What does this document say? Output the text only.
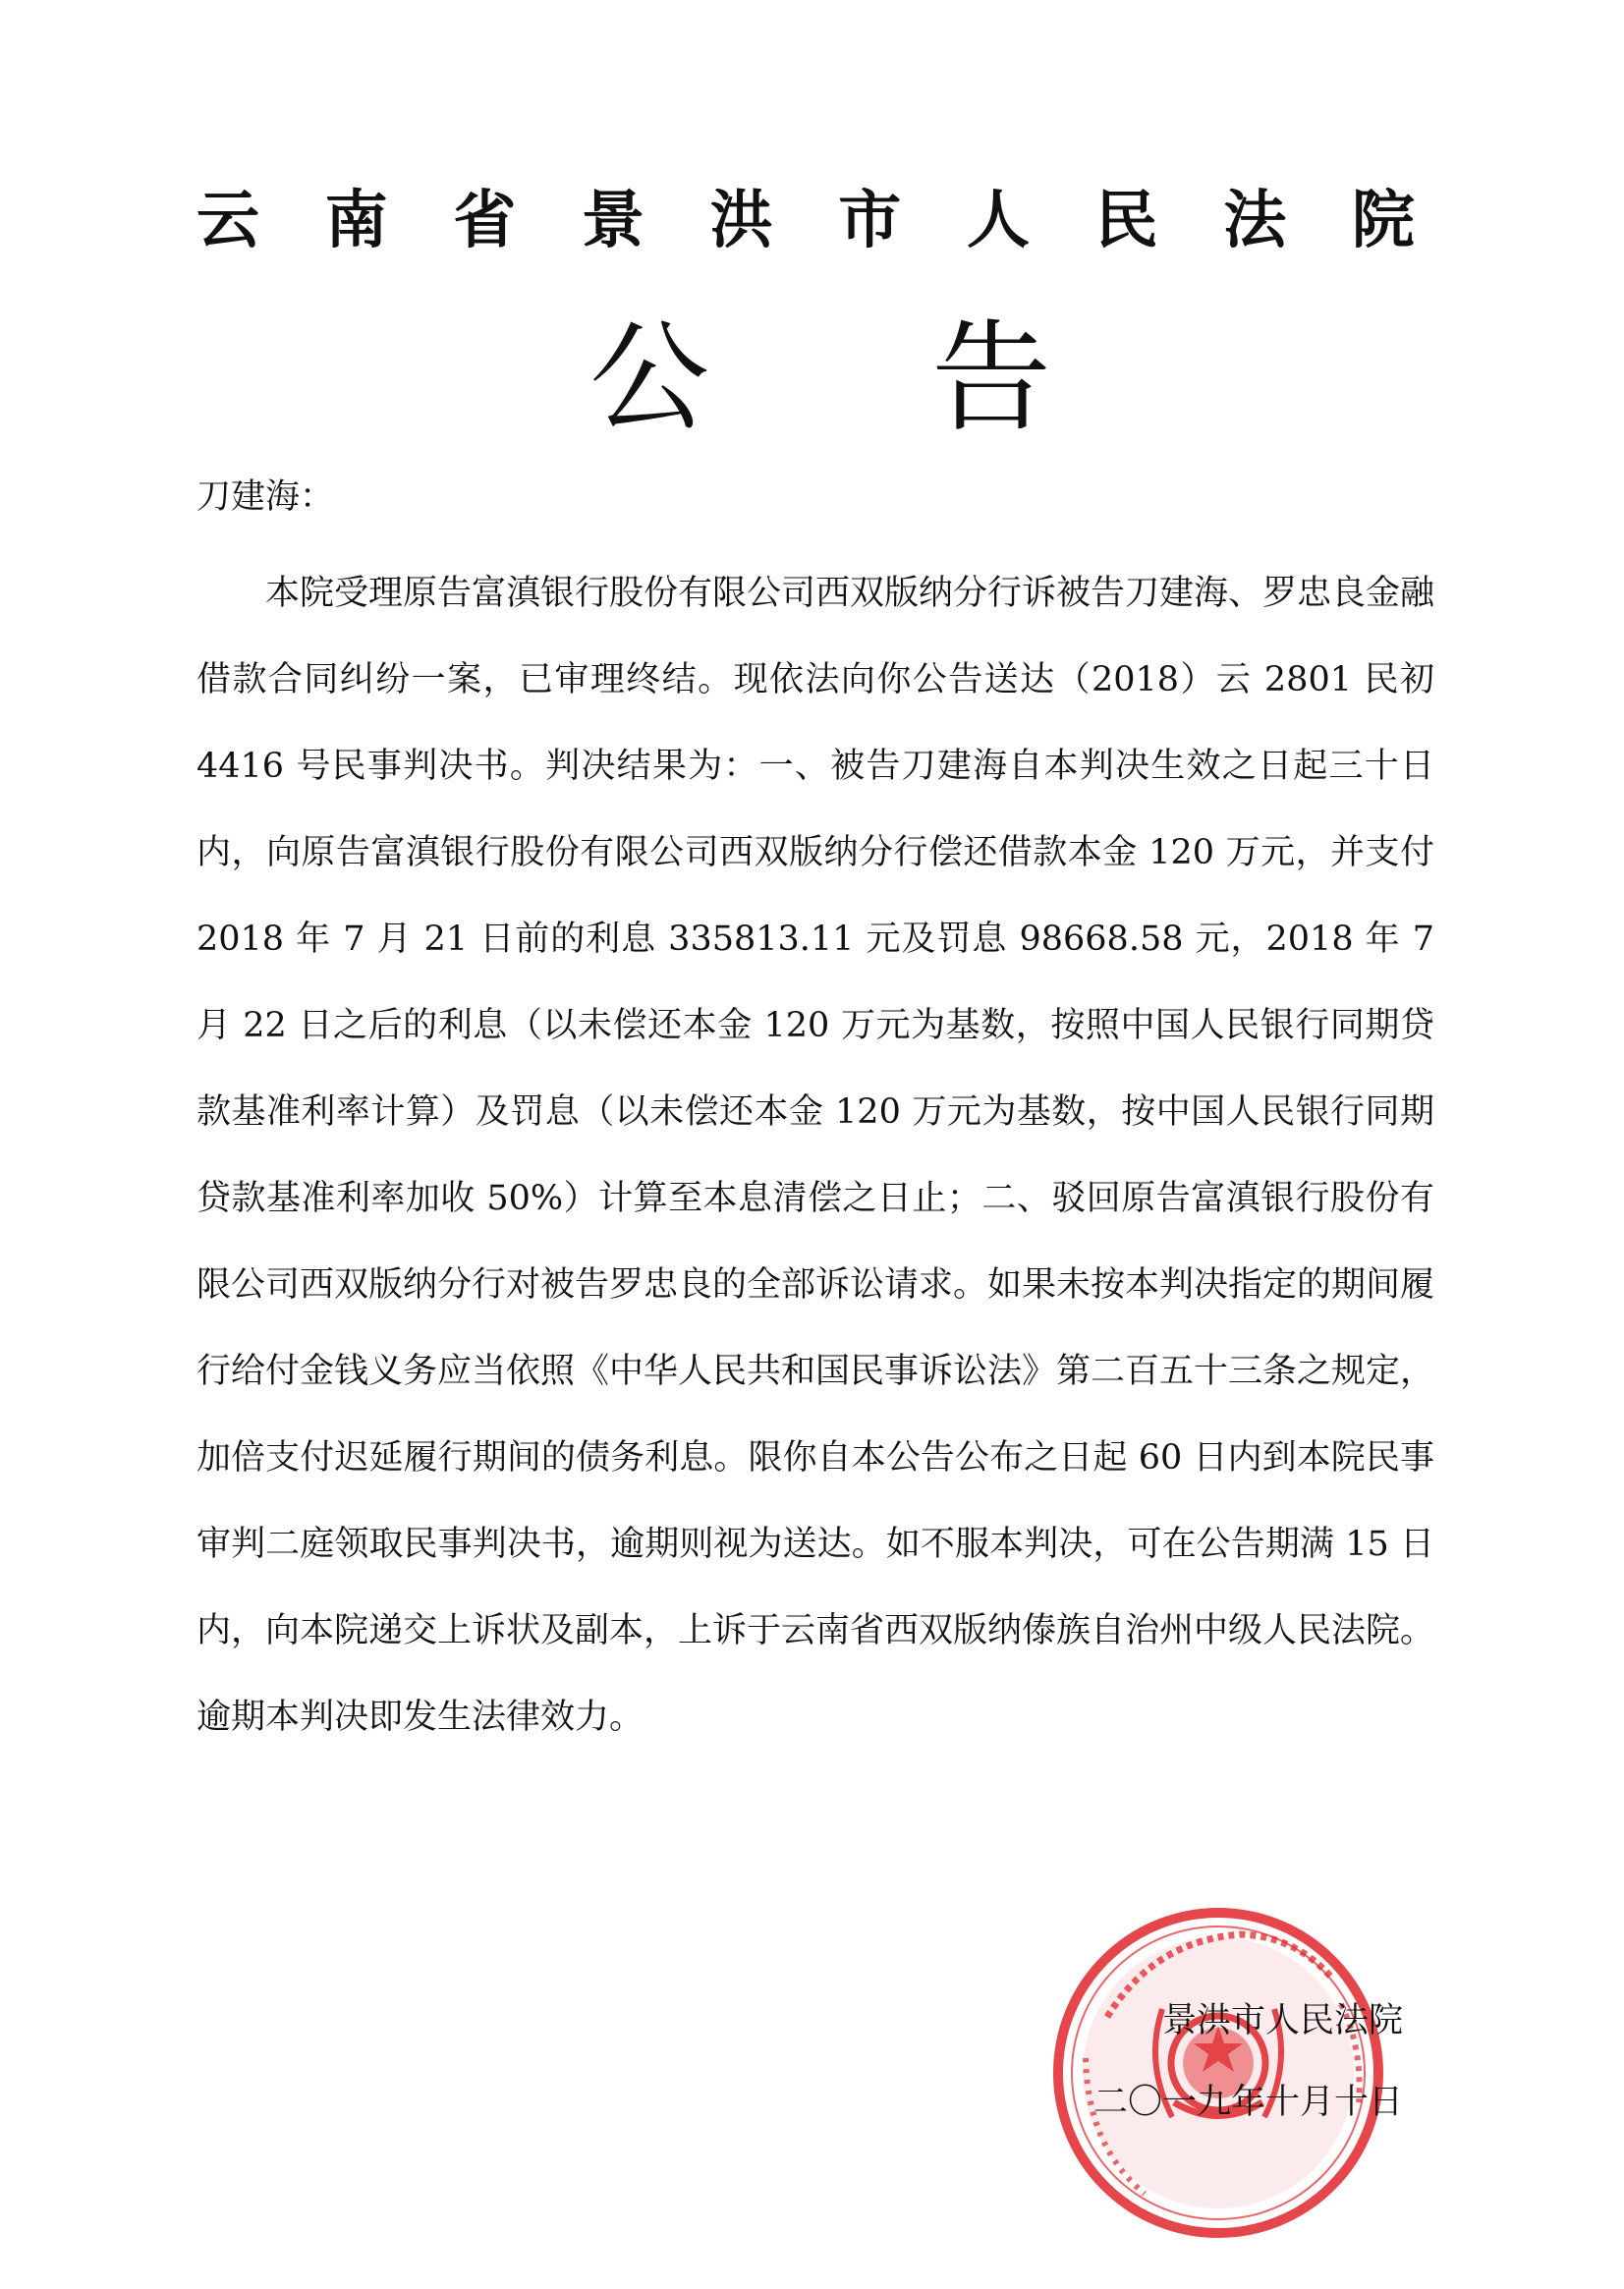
云 南 省 景 洪 市 人 民 法 院
公 告
刀建海：

本院受理原告富滇银行股份有限公司西双版纳分行诉被告刀建海、罗忠良金融借款合同纠纷一案，已审理终结。现依法向你公告送达（2018）云 2801 民初 4416 号民事判决书。判决结果为：一、被告刀建海自本判决生效之日起三十日内，向原告富滇银行股份有限公司西双版纳分行偿还借款本金 120 万元，并支付 2018 年 7 月 21 日前的利息 335813.11 元及罚息 98668.58 元，2018 年 7 月 22 日之后的利息（以未偿还本金 120 万元为基数，按照中国人民银行同期贷款基准利率计算）及罚息（以未偿还本金 120 万元为基数，按中国人民银行同期贷款基准利率加收 50%）计算至本息清偿之日止；二、驳回原告富滇银行股份有限公司西双版纳分行对被告罗忠良的全部诉讼请求。如果未按本判决指定的期间履行给付金钱义务应当依照《中华人民共和国民事诉讼法》第二百五十三条之规定，加倍支付迟延履行期间的债务利息。限你自本公告公布之日起 60 日内到本院民事审判二庭领取民事判决书，逾期则视为送达。如不服本判决，可在公告期满 15 日内，向本院递交上诉状及副本，上诉于云南省西双版纳傣族自治州中级人民法院。逾期本判决即发生法律效力。

景洪市人民法院
二〇一九年十月十日
